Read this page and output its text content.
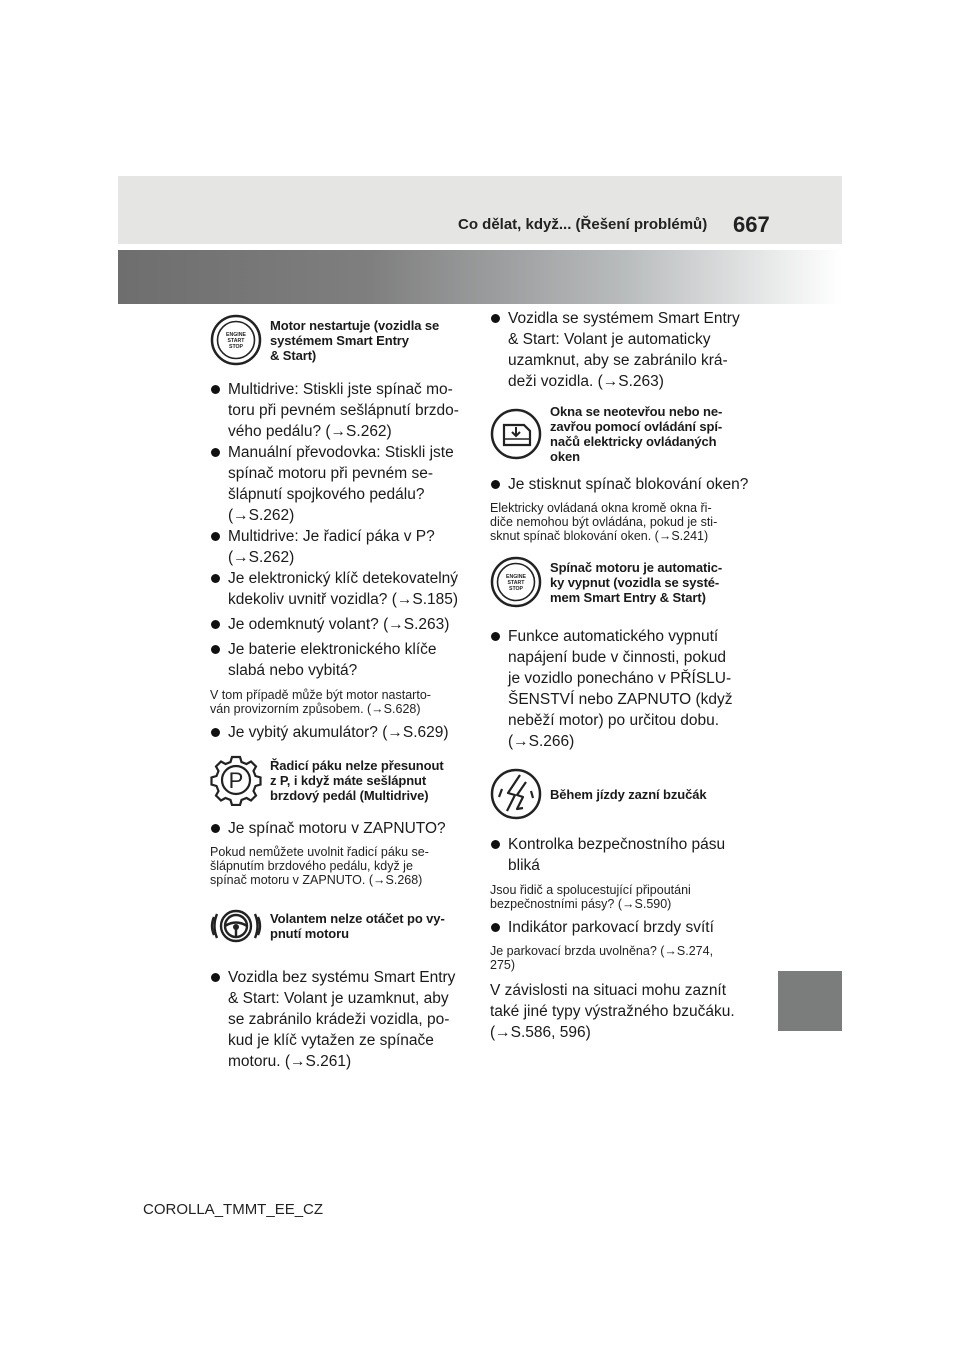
Co dělat, když... (Řešení problémů) 667
ENGINE
START
STOP
Motor nestartuje (vozidla se
systémem Smart Entry
& Start)
Multidrive: Stiskli jste spínač mo-
toru při pevném sešlápnutí brzdo-
vého pedálu? (→S.262)
Manuální převodovka: Stiskli jste
spínač motoru při pevném se-
šlápnutí spojkového pedálu?
(→S.262)
Multidrive: Je řadicí páka v P?
(→S.262)
Je elektronický klíč detekovatelný
kdekoliv uvnitř vozidla? (→S.185)
Je odemknutý volant? (→S.263)
Je baterie elektronického klíče
slabá nebo vybitá?
V tom případě může být motor nastarto-
ván provizorním způsobem. (→S.628)
Je vybitý akumulátor? (→S.629)
P
Řadicí páku nelze přesunout
z P, i když máte sešlápnut
brzdový pedál (Multidrive)
Je spínač motoru v ZAPNUTO?
Pokud nemůžete uvolnit řadicí páku se-
šlápnutím brzdového pedálu, když je
spínač motoru v ZAPNUTO. (→S.268)
Volantem nelze otáčet po vy-
pnutí motoru
Vozidla bez systému Smart Entry
& Start: Volant je uzamknut, aby
se zabránilo krádeži vozidla, po-
kud je klíč vytažen ze spínače
motoru. (→S.261)
Vozidla se systémem Smart Entry
& Start: Volant je automaticky
uzamknut, aby se zabránilo krá-
deži vozidla. (→S.263)
Okna se neotevřou nebo ne-
zavřou pomocí ovládání spí-
načů elektricky ovládaných
oken
Je stisknut spínač blokování oken?
Elektricky ovládaná okna kromě okna ři-
diče nemohou být ovládána, pokud je sti-
sknut spínač blokování oken. (→S.241)
ENGINE
START
STOP
Spínač motoru je automatic-
ky vypnut (vozidla se systé-
mem Smart Entry & Start)
Funkce automatického vypnutí
napájení bude v činnosti, pokud
je vozidlo ponecháno v PŘÍSLU-
ŠENSTVÍ nebo ZAPNUTO (když
neběží motor) po určitou dobu.
(→S.266)
Během jízdy zazní bzučák
Kontrolka bezpečnostního pásu
bliká
Jsou řidič a spolucestující připoutáni
bezpečnostními pásy? (→S.590)
Indikátor parkovací brzdy svítí
Je parkovací brzda uvolněna? (→S.274,
275)
V závislosti na situaci mohu zaznít
také jiné typy výstražného bzučáku.
(→S.586, 596)
COROLLA_TMMT_EE_CZ
